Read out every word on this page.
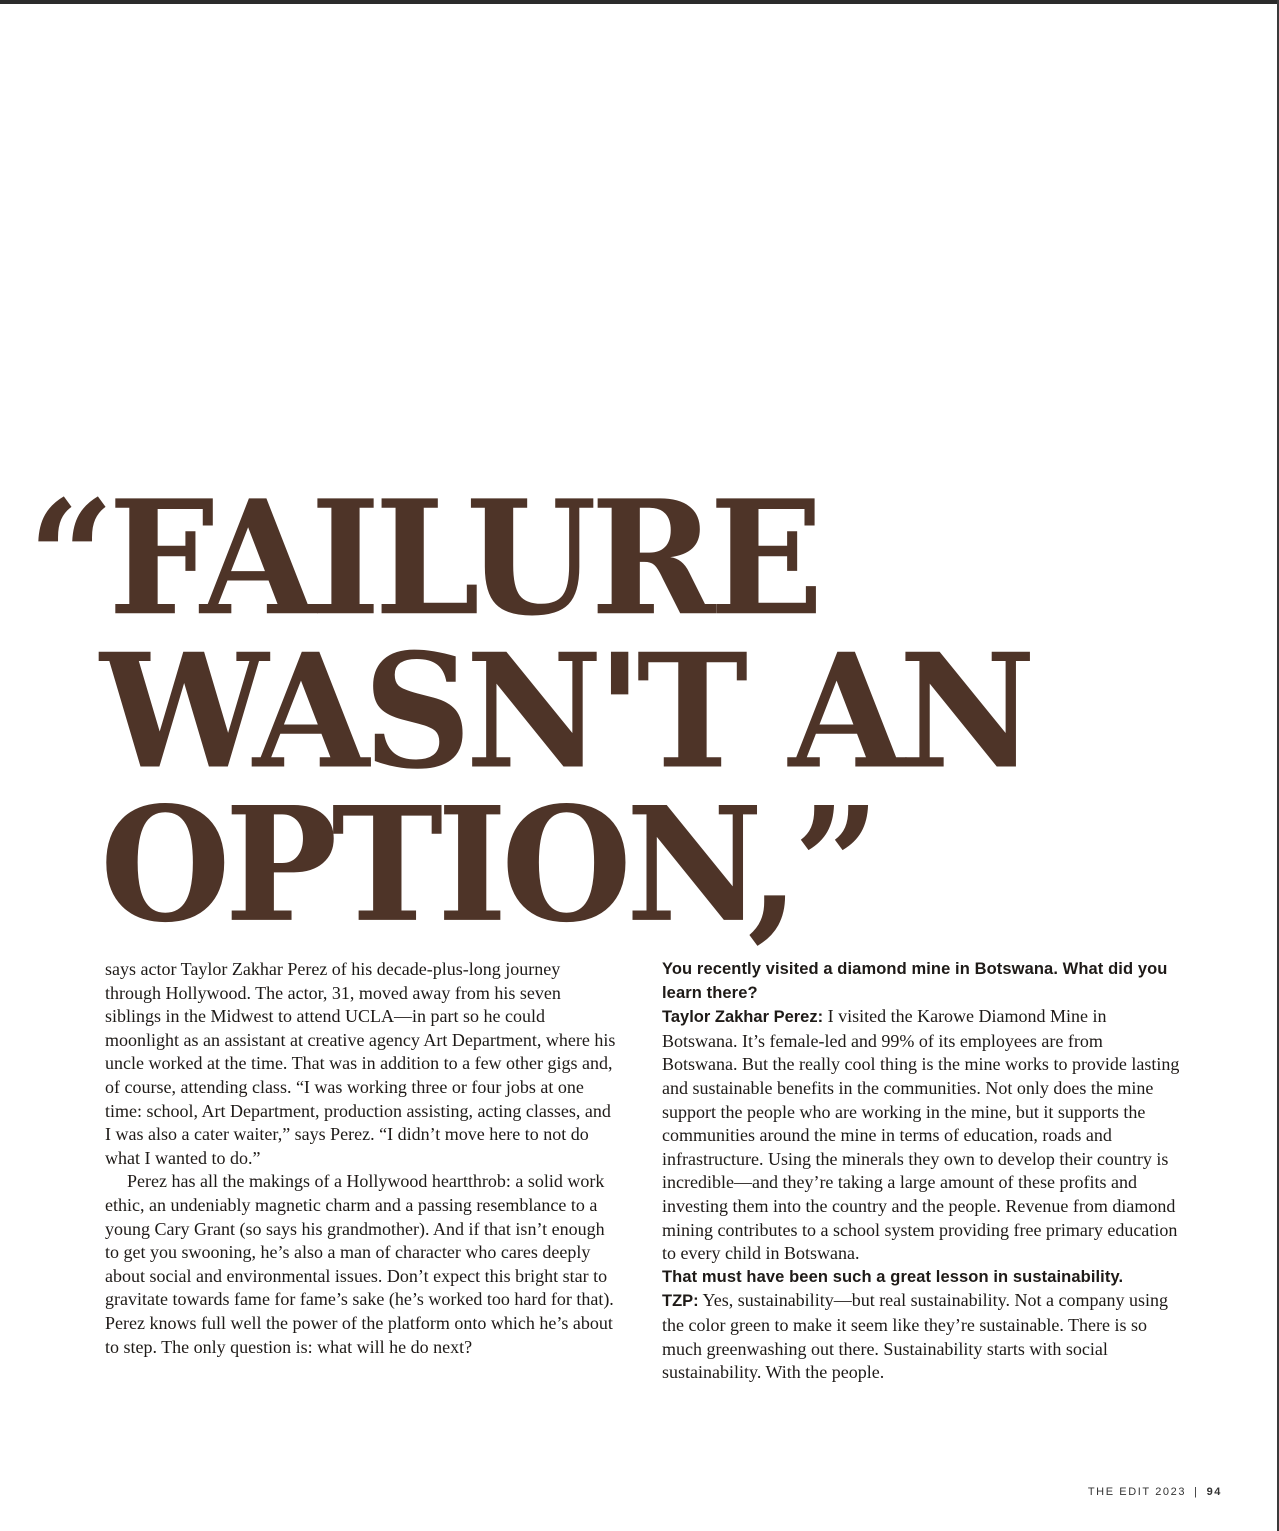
“FAILURE
WASN'T AN
OPTION,”

says actor Taylor Zakhar Perez of his decade-plus-long journey through Hollywood. The actor, 31, moved away from his seven siblings in the Midwest to attend UCLA—in part so he could moonlight as an assistant at creative agency Art Department, where his uncle worked at the time. That was in addition to a few other gigs and, of course, attending class. “I was working three or four jobs at one time: school, Art Department, production assisting, acting classes, and I was also a cater waiter,” says Perez. “I didn’t move here to not do what I wanted to do.”

Perez has all the makings of a Hollywood heartthrob: a solid work ethic, an undeniably magnetic charm and a passing resemblance to a young Cary Grant (so says his grandmother). And if that isn’t enough to get you swooning, he’s also a man of character who cares deeply about social and environmental issues. Don’t expect this bright star to gravitate towards fame for fame’s sake (he’s worked too hard for that). Perez knows full well the power of the platform onto which he’s about to step. The only question is: what will he do next?

You recently visited a diamond mine in Botswana. What did you learn there?

Taylor Zakhar Perez: I visited the Karowe Diamond Mine in Botswana. It’s female-led and 99% of its employees are from Botswana. But the really cool thing is the mine works to provide lasting and sustainable benefits in the communities. Not only does the mine support the people who are working in the mine, but it supports the communities around the mine in terms of education, roads and infrastructure. Using the minerals they own to develop their country is incredible—and they’re taking a large amount of these profits and investing them into the country and the people. Revenue from diamond mining contributes to a school system providing free primary education to every child in Botswana.

That must have been such a great lesson in sustainability.

TZP: Yes, sustainability—but real sustainability. Not a company using the color green to make it seem like they’re sustainable. There is so much greenwashing out there. Sustainability starts with social sustainability. With the people.

THE EDIT 2023 | 94
